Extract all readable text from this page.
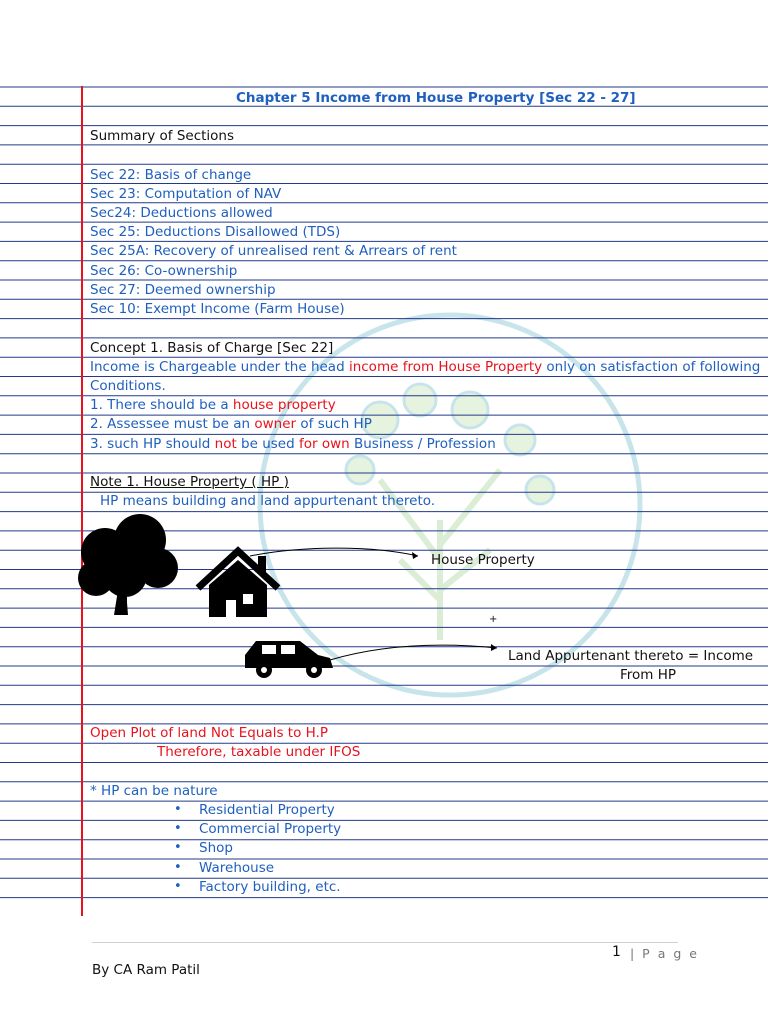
Chapter 5 Income from House Property [Sec 22 - 27]
Summary of Sections
Sec 22: Basis of change
Sec 23: Computation of NAV
Sec24: Deductions allowed
Sec 25: Deductions Disallowed (TDS)
Sec 25A: Recovery of unrealised rent & Arrears of rent
Sec 26: Co-ownership
Sec 27: Deemed ownership
Sec 10: Exempt Income (Farm House)
Concept 1. Basis of Charge [Sec 22]
Income is Chargeable under the head income from House Property only on satisfaction of following
Conditions.
1. There should be a house property
2. Assessee must be an owner of such HP
3. such HP should not be used for own Business / Profession
Note 1. House Property ( HP )
HP means building and land appurtenant thereto.
House Property
+
Land Appurtenant thereto = Income
From HP
Open Plot of land Not Equals to H.P
Therefore, taxable under IFOS
* HP can be nature
• Residential Property
• Commercial Property
• Shop
• Warehouse
• Factory building, etc.
1 | P a g e
By CA Ram Patil
